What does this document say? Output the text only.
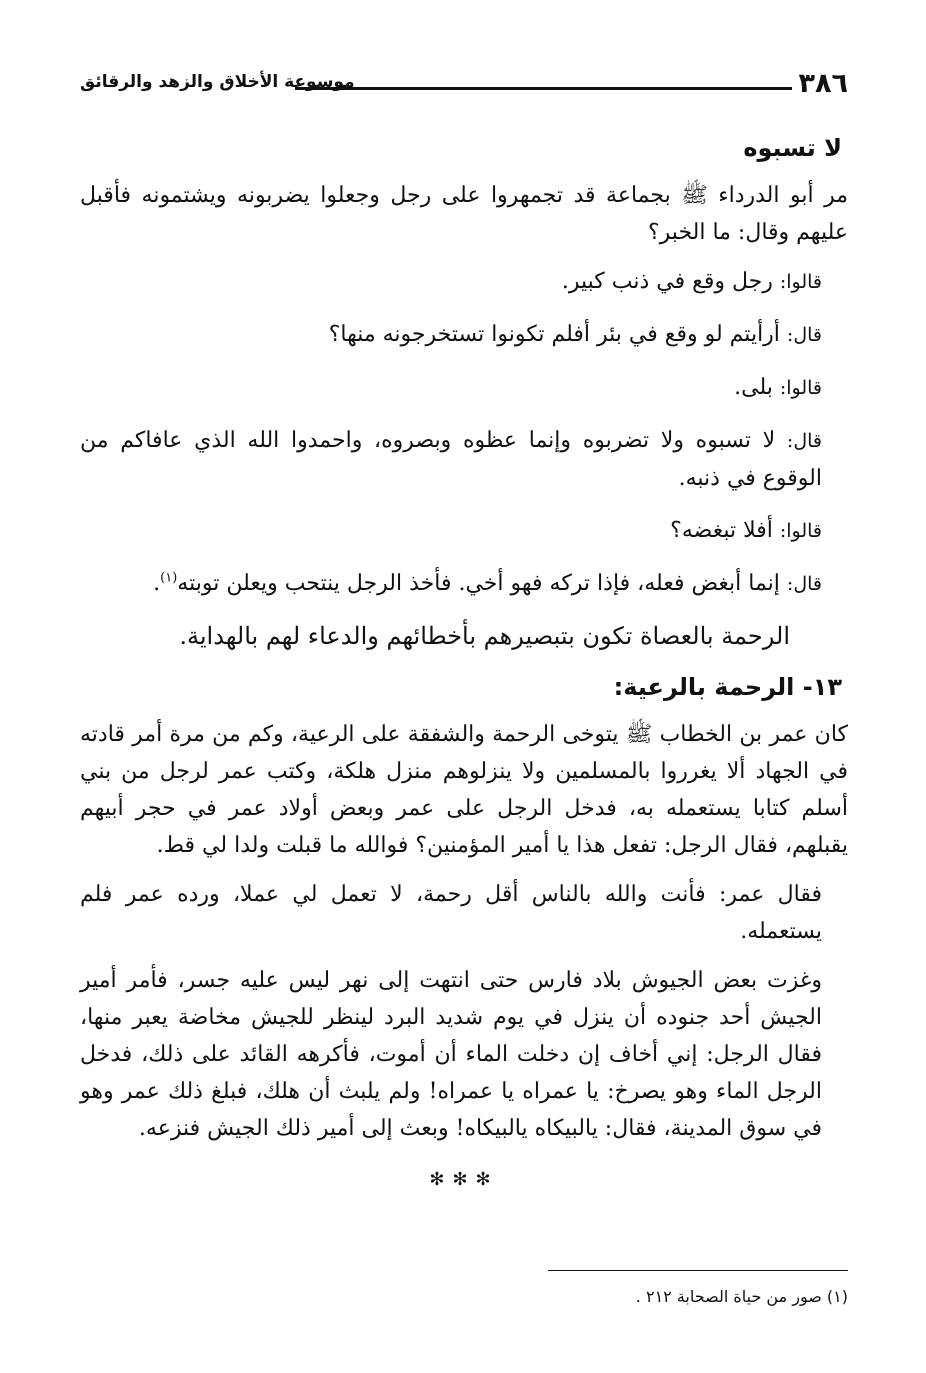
٣٨٦
موسوعة الأخلاق والزهد والرقائق
لا تسبوه

مر أبو الدرداء ﷺ بجماعة قد تجمهروا على رجل وجعلوا يضربونه ويشتمونه فأقبل عليهم وقال: ما الخبر؟

قالوا: رجل وقع في ذنب كبير.
قال: أرأيتم لو وقع في بئر أفلم تكونوا تستخرجونه منها؟
قالوا: بلى.
قال: لا تسبوه ولا تضربوه وإنما عظوه وبصروه، واحمدوا الله الذي عافاكم من الوقوع في ذنبه.
قالوا: أفلا تبغضه؟
قال: إنما أبغض فعله، فإذا تركه فهو أخي. فأخذ الرجل ينتحب ويعلن توبته$^{(١)}$.

الرحمة بالعصاة تكون بتبصيرهم بأخطائهم والدعاء لهم بالهداية.

١٣- الرحمة بالرعية:

كان عمر بن الخطاب ﷺ يتوخى الرحمة والشفقة على الرعية، وكم من مرة أمر قادته في الجهاد ألا يغرروا بالمسلمين ولا ينزلوهم منزل هلكة، وكتب عمر لرجل من بني أسلم كتابا يستعمله به، فدخل الرجل على عمر وبعض أولاد عمر في حجر أبيهم يقبلهم، فقال الرجل: تفعل هذا يا أمير المؤمنين؟ فوالله ما قبلت ولدا لي قط.

فقال عمر: فأنت والله بالناس أقل رحمة، لا تعمل لي عملا، ورده عمر فلم يستعمله.

وغزت بعض الجيوش بلاد فارس حتى انتهت إلى نهر ليس عليه جسر، فأمر أمير الجيش أحد جنوده أن ينزل في يوم شديد البرد لينظر للجيش مخاضة يعبر منها، فقال الرجل: إني أخاف إن دخلت الماء أن أموت، فأكرهه القائد على ذلك، فدخل الرجل الماء وهو يصرخ: يا عمراه يا عمراه! ولم يلبث أن هلك، فبلغ ذلك عمر وهو في سوق المدينة، فقال: يالبيكاه يالبيكاه! وبعث إلى أمير ذلك الجيش فنزعه.

✻✻✻
(١) صور من حياة الصحابة ٢١٢ .
